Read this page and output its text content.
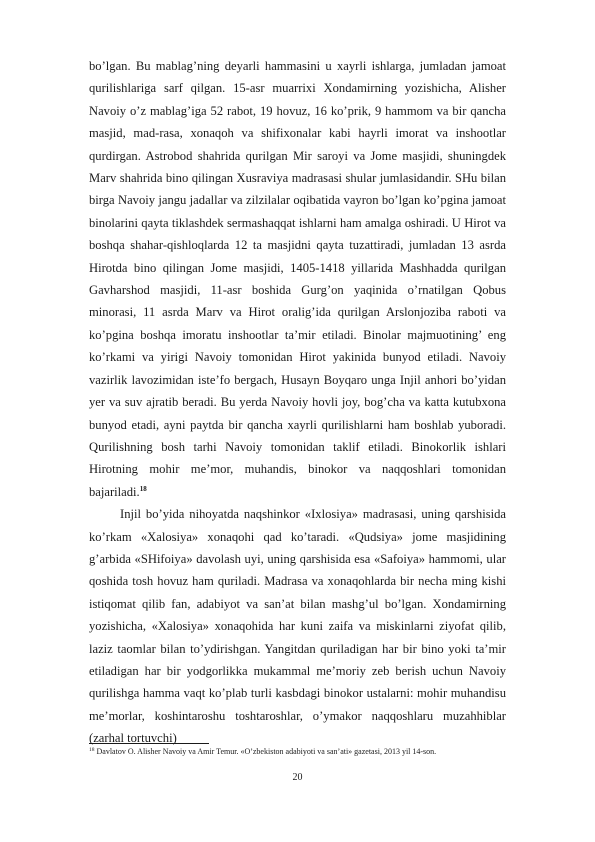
bo’lgan. Bu mablag’ning deyarli hammasini u xayrli ishlarga, jumladan jamoat qurilishlariga sarf qilgan. 15-asr muarrixi Xondamirning yozishicha, Alisher Navoiy o’z mablag’iga 52 rabot, 19 hovuz, 16 ko’prik, 9 hammom va bir qancha masjid, mad-rasa, xonaqoh va shifixonalar kabi hayrli imorat va inshootlar qurdirgan. Astrobod shahrida qurilgan Mir saroyi va Jome masjidi, shuningdek Marv shahrida bino qilingan Xusraviya madrasasi shular jumlasidandir. SHu bilan birga Navoiy jangu jadallar va zilzilalar oqibatida vayron bo’lgan ko’pgina jamoat binolarini qayta tiklashdek sermashaqqat ishlarni ham amalga oshiradi. U Hirot va boshqa shahar-qishloqlarda 12 ta masjidni qayta tuzattiradi, jumladan 13 asrda Hirotda bino qilingan Jome masjidi, 1405-1418 yillarida Mashhadda qurilgan Gavharshod masjidi, 11-asr boshida Gurg’on yaqinida o’rnatilgan Qobus minorasi, 11 asrda Marv va Hirot oralig’ida qurilgan Arslonjoziba raboti va ko’pgina boshqa imoratu inshootlar ta’mir etiladi. Binolar majmuotining’ eng ko’rkami va yirigi Navoiy tomonidan Hirot yakinida bunyod etiladi. Navoiy vazirlik lavozimidan iste’fo bergach, Husayn Boyqaro unga Injil anhori bo’yidan yer va suv ajratib beradi. Bu yerda Navoiy hovli joy, bog’cha va katta kutubxona bunyod etadi, ayni paytda bir qancha xayrli qurilishlarni ham boshlab yuboradi. Qurilishning bosh tarhi Navoiy tomonidan taklif etiladi. Binokorlik ishlari Hirotning mohir me’mor, muhandis, binokor va naqqoshlari tomonidan bajariladi.$^{18}$

Injil bo’yida nihoyatda naqshinkor «Ixlosiya» madrasasi, uning qarshisida ko’rkam «Xalosiya» xonaqohi qad ko’taradi. «Qudsiya» jome masjidining g’arbida «SHifoiya» davolash uyi, uning qarshisida esa «Safoiya» hammomi, ular qoshida tosh hovuz ham quriladi. Madrasa va xonaqohlarda bir necha ming kishi istiqomat qilib fan, adabiyot va san’at bilan mashg’ul bo’lgan. Xondamirning yozishicha, «Xalosiya» xonaqohida har kuni zaifa va miskinlarni ziyofat qilib, laziz taomlar bilan to’ydirishgan. Yangitdan quriladigan har bir bino yoki ta’mir etiladigan har bir yodgorlikka mukammal me’moriy zeb berish uchun Navoiy qurilishga hamma vaqt ko’plab turli kasbdagi binokor ustalarni: mohir muhandisu me’morlar, koshintaroshu toshtaroshlar, o’ymakor naqqoshlaru muzahhiblar (zarhal tortuvchi)

$^{18}$ Davlatov O. Alisher Navoiy va Amir Temur. «O’zbekiston adabiyoti va san’ati» gazetasi, 2013 yil 14-son.
20
